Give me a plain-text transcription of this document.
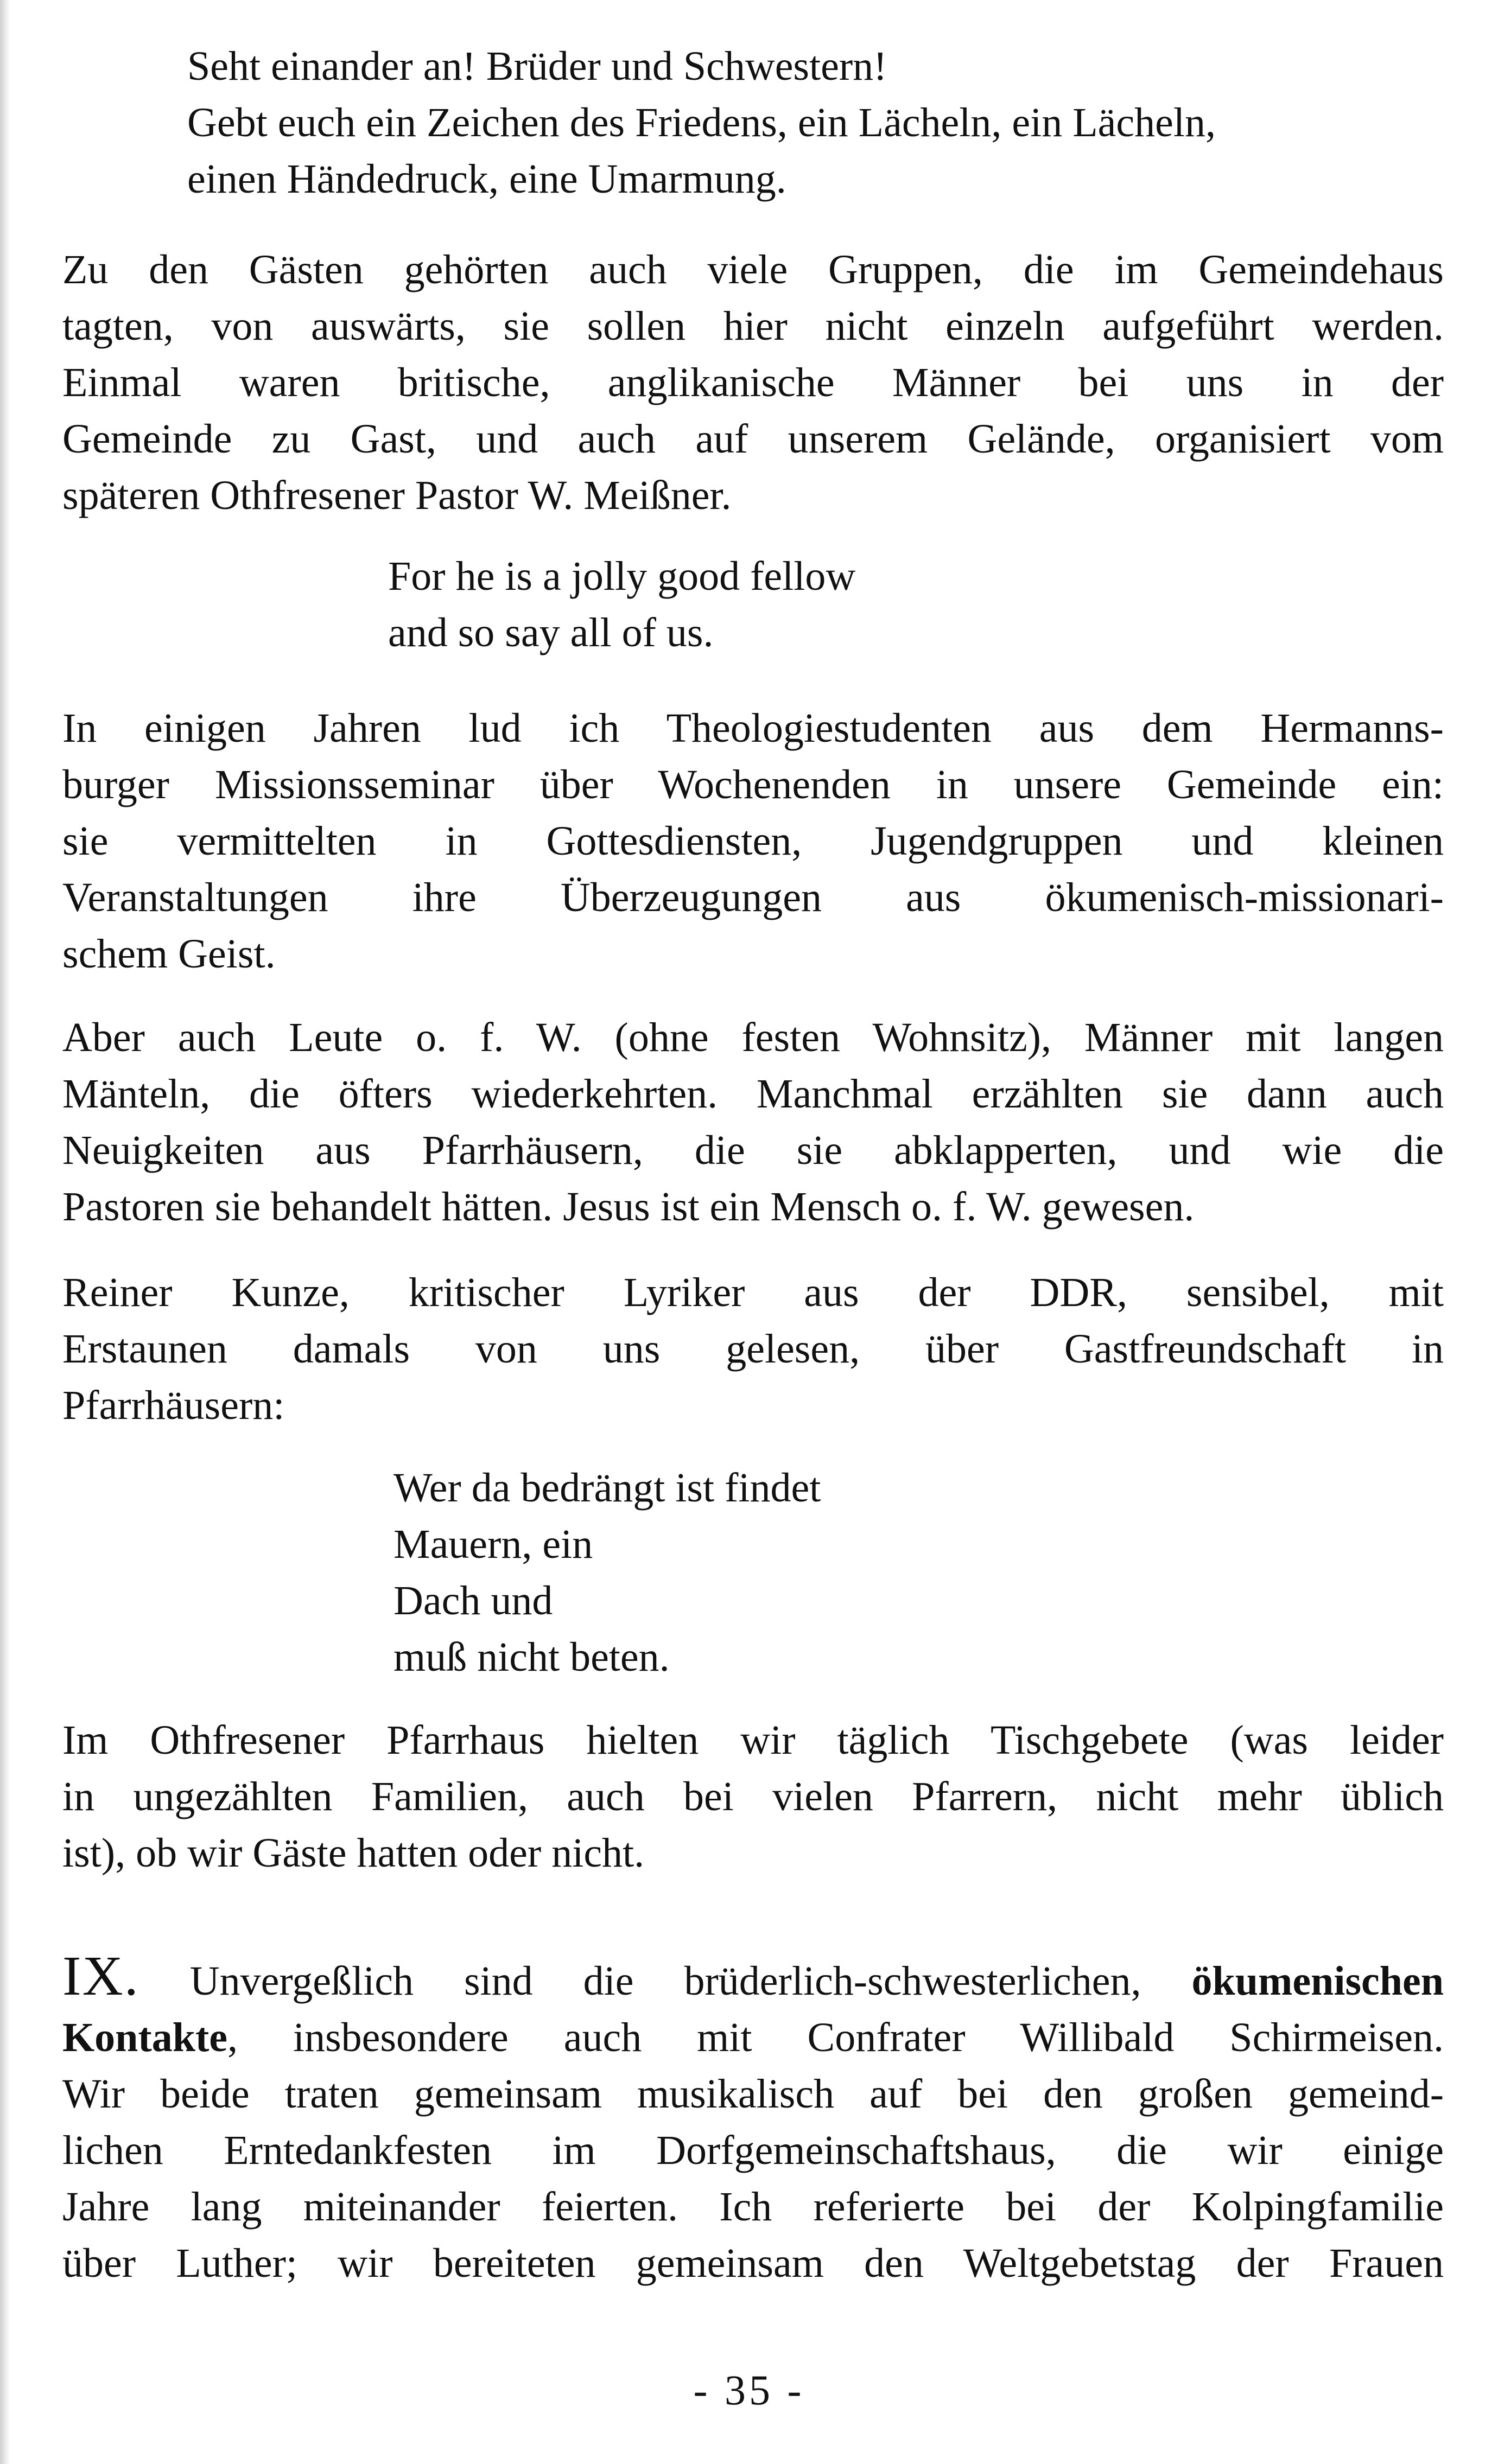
Seht einander an! Brüder und Schwestern!
Gebt euch ein Zeichen des Friedens, ein Lächeln, ein Lächeln,
einen Händedruck, eine Umarmung.
Zu den Gästen gehörten auch viele Gruppen, die im Gemeindehaus
tagten, von auswärts, sie sollen hier nicht einzeln aufgeführt werden.
Einmal waren britische, anglikanische Männer bei uns in der
Gemeinde zu Gast, und auch auf unserem Gelände, organisiert vom
späteren Othfresener Pastor W. Meißner.
For he is a jolly good fellow
and so say all of us.
In einigen Jahren lud ich Theologiestudenten aus dem Hermanns-
burger Missionsseminar über Wochenenden in unsere Gemeinde ein:
sie vermittelten in Gottesdiensten, Jugendgruppen und kleinen
Veranstaltungen ihre Überzeugungen aus ökumenisch-missionari-
schem Geist.
Aber auch Leute o. f. W. (ohne festen Wohnsitz), Männer mit langen
Mänteln, die öfters wiederkehrten. Manchmal erzählten sie dann auch
Neuigkeiten aus Pfarrhäusern, die sie abklapperten, und wie die
Pastoren sie behandelt hätten. Jesus ist ein Mensch o. f. W. gewesen.
Reiner Kunze, kritischer Lyriker aus der DDR, sensibel, mit
Erstaunen damals von uns gelesen, über Gastfreundschaft in
Pfarrhäusern:
Wer da bedrängt ist findet
Mauern, ein
Dach und
muß nicht beten.
Im Othfresener Pfarrhaus hielten wir täglich Tischgebete (was leider
in ungezählten Familien, auch bei vielen Pfarrern, nicht mehr üblich
ist), ob wir Gäste hatten oder nicht.
IX. Unvergeßlich sind die brüderlich-schwesterlichen, ökumenischen
Kontakte, insbesondere auch mit Confrater Willibald Schirmeisen.
Wir beide traten gemeinsam musikalisch auf bei den großen gemeind-
lichen Erntedankfesten im Dorfgemeinschaftshaus, die wir einige
Jahre lang miteinander feierten. Ich referierte bei der Kolpingfamilie
über Luther; wir bereiteten gemeinsam den Weltgebetstag der Frauen
- 35 -
